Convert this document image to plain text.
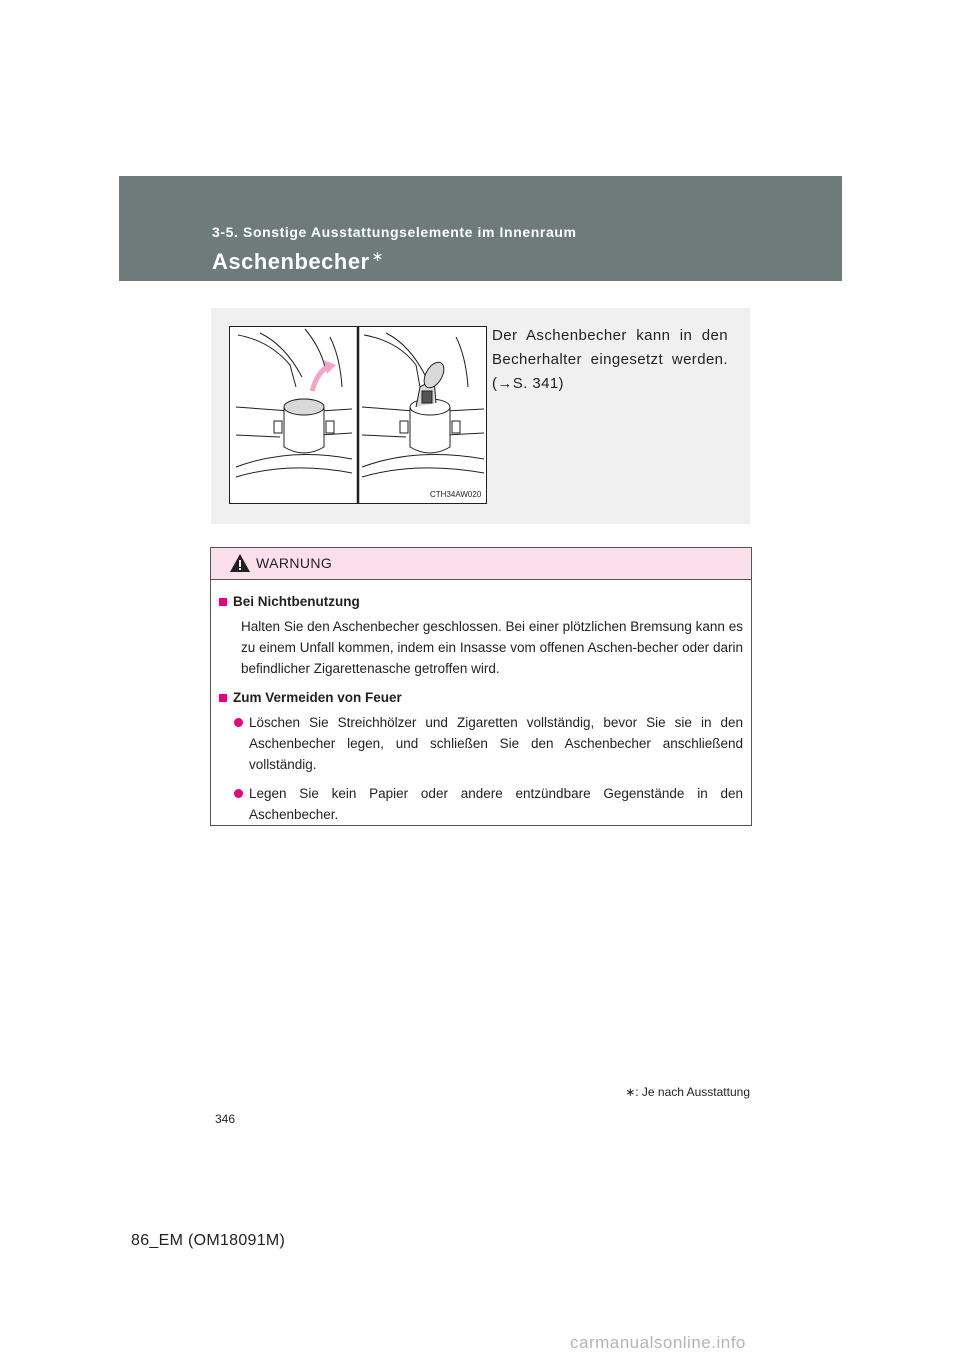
3-5. Sonstige Ausstattungselemente im Innenraum
Aschenbecher ∗
CTH34AW020
Der Aschenbecher kann in den Becherhalter eingesetzt werden. (→S. 341)
WARNUNG
Bei Nichtbenutzung
Halten Sie den Aschenbecher geschlossen. Bei einer plötzlichen Bremsung kann es zu einem Unfall kommen, indem ein Insasse vom offenen Aschen-becher oder darin befindlicher Zigarettenasche getroffen wird.
Zum Vermeiden von Feuer
Löschen Sie Streichhölzer und Zigaretten vollständig, bevor Sie sie in den Aschenbecher legen, und schließen Sie den Aschenbecher anschließend vollständig.
Legen Sie kein Papier oder andere entzündbare Gegenstände in den Aschenbecher.
∗: Je nach Ausstattung
346
86_EM (OM18091M)
carmanualsonline.info
